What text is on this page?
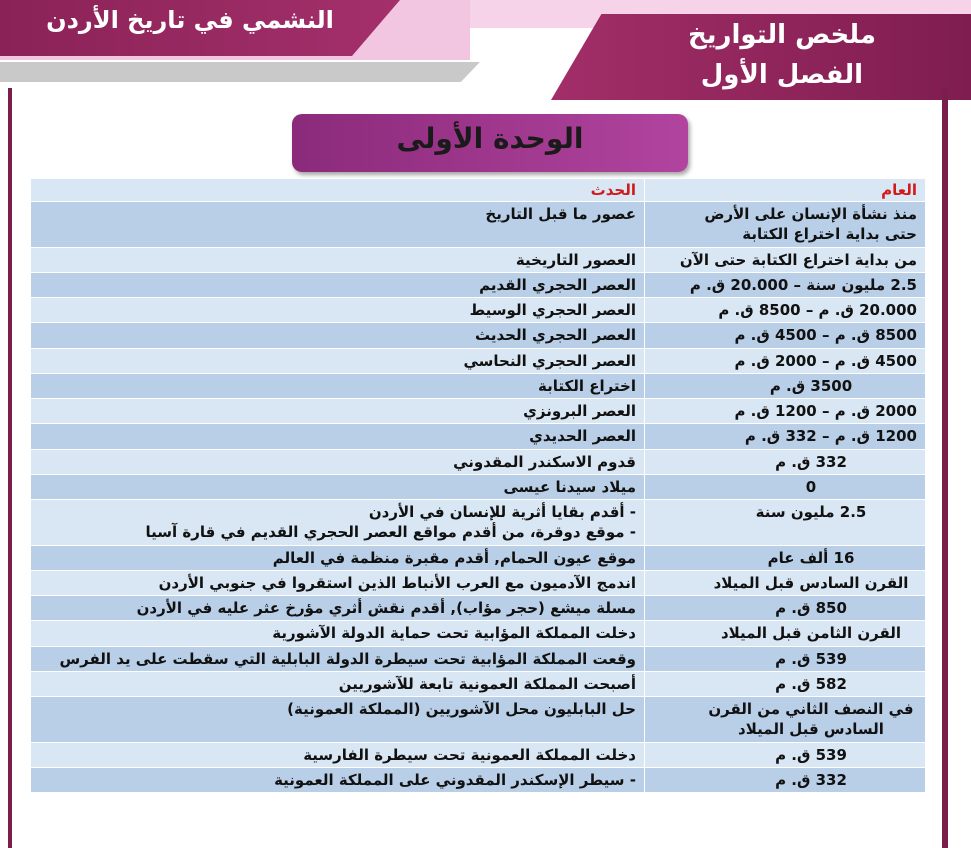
النشمي في تاريخ الأردن	ملخص التواريخ
الفصل الأول
الوحدة الأولى
العام	الحدث

منذ نشأة الإنسان على الأرض
حتى بداية اختراع الكتابة	عصور ما قبل التاريخ

من بداية اختراع الكتابة حتى الآن	العصور التاريخية

2.5 مليون سنة – 20.000 ق. م	العصر الحجري القديم

20.000 ق. م – 8500 ق. م	العصر الحجري الوسيط

8500 ق. م – 4500 ق. م	العصر الحجري الحديث

4500 ق. م – 2000 ق. م	العصر الحجري النحاسي

3500 ق. م	اختراع الكتابة

2000 ق. م – 1200 ق. م	العصر البرونزي

1200 ق. م – 332 ق. م	العصر الحديدي

332 ق. م	قدوم الاسكندر المقدوني

0	ميلاد سيدنا عيسى

2.5 مليون سنة	- أقدم بقايا أثرية للإنسان في الأردن
- موقع دوقرة، من أقدم مواقع العصر الحجري القديم في قارة آسيا

16 ألف عام	موقع عيون الحمام, أقدم مقبرة منظمة في العالم

القرن السادس قبل الميلاد	اندمج الآدميون مع العرب الأنباط الذين استقروا في جنوبي الأردن

850 ق. م	مسلة ميشع (حجر مؤاب), أقدم نقش أثري مؤرخ عثر عليه في الأردن

القرن الثامن قبل الميلاد	دخلت المملكة المؤابية تحت حماية الدولة الآشورية

539 ق. م	وقعت المملكة المؤابية تحت سيطرة الدولة البابلية التي سقطت على يد الفرس

582 ق. م	أصبحت المملكة العمونية تابعة للآشوريين

في النصف الثاني من القرن
السادس قبل الميلاد	حل البابليون محل الآشوريين (المملكة العمونية)

539 ق. م	دخلت المملكة العمونية تحت سيطرة الفارسية

332 ق. م	- سيطر الإسكندر المقدوني على المملكة العمونية
